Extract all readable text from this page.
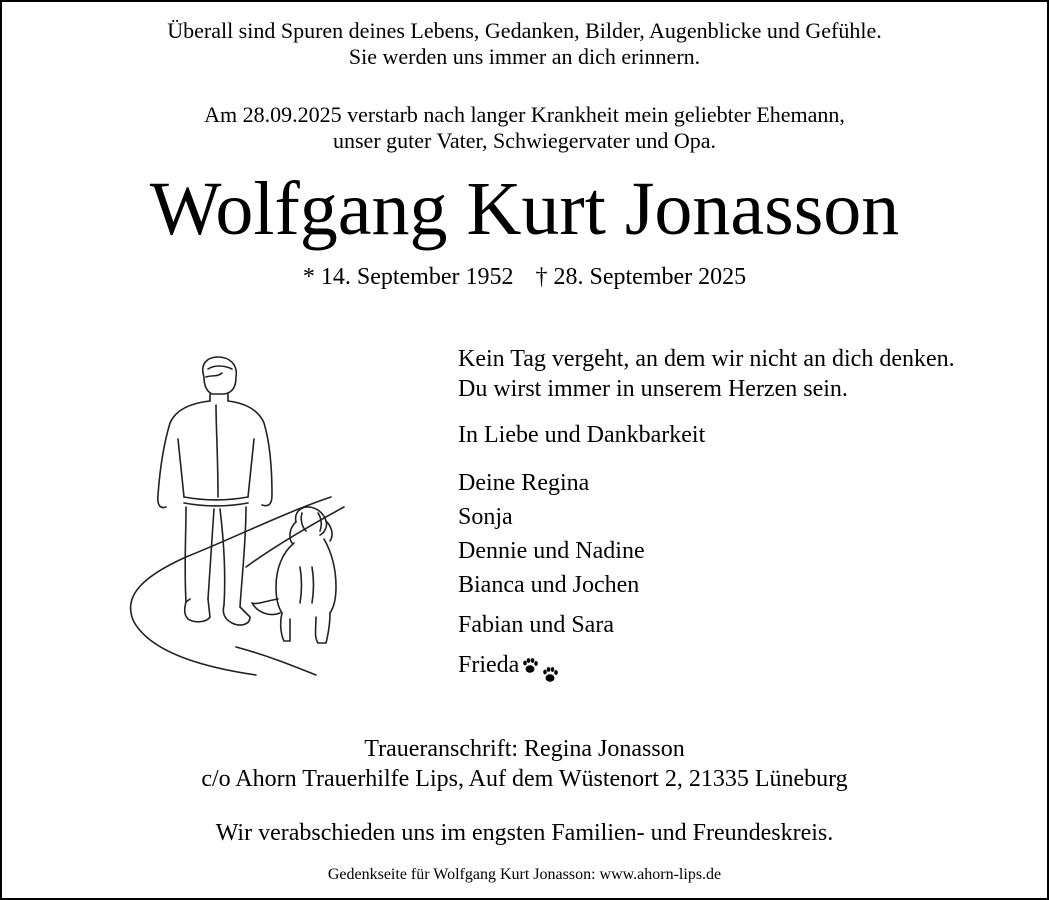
Überall sind Spuren deines Lebens, Gedanken, Bilder, Augenblicke und Gefühle.
Sie werden uns immer an dich erinnern.
Am 28.09.2025 verstarb nach langer Krankheit mein geliebter Ehemann,
unser guter Vater, Schwiegervater und Opa.
Wolfgang Kurt Jonasson
* 14. September 1952 † 28. September 2025
Kein Tag vergeht, an dem wir nicht an dich denken.
Du wirst immer in unserem Herzen sein.
In Liebe und Dankbarkeit
Deine Regina
Sonja
Dennie und Nadine
Bianca und Jochen
Fabian und Sara
Frieda
Traueranschrift: Regina Jonasson
c/o Ahorn Trauerhilfe Lips, Auf dem Wüstenort 2, 21335 Lüneburg
Wir verabschieden uns im engsten Familien- und Freundeskreis.
Gedenkseite für Wolfgang Kurt Jonasson: www.ahorn-lips.de
